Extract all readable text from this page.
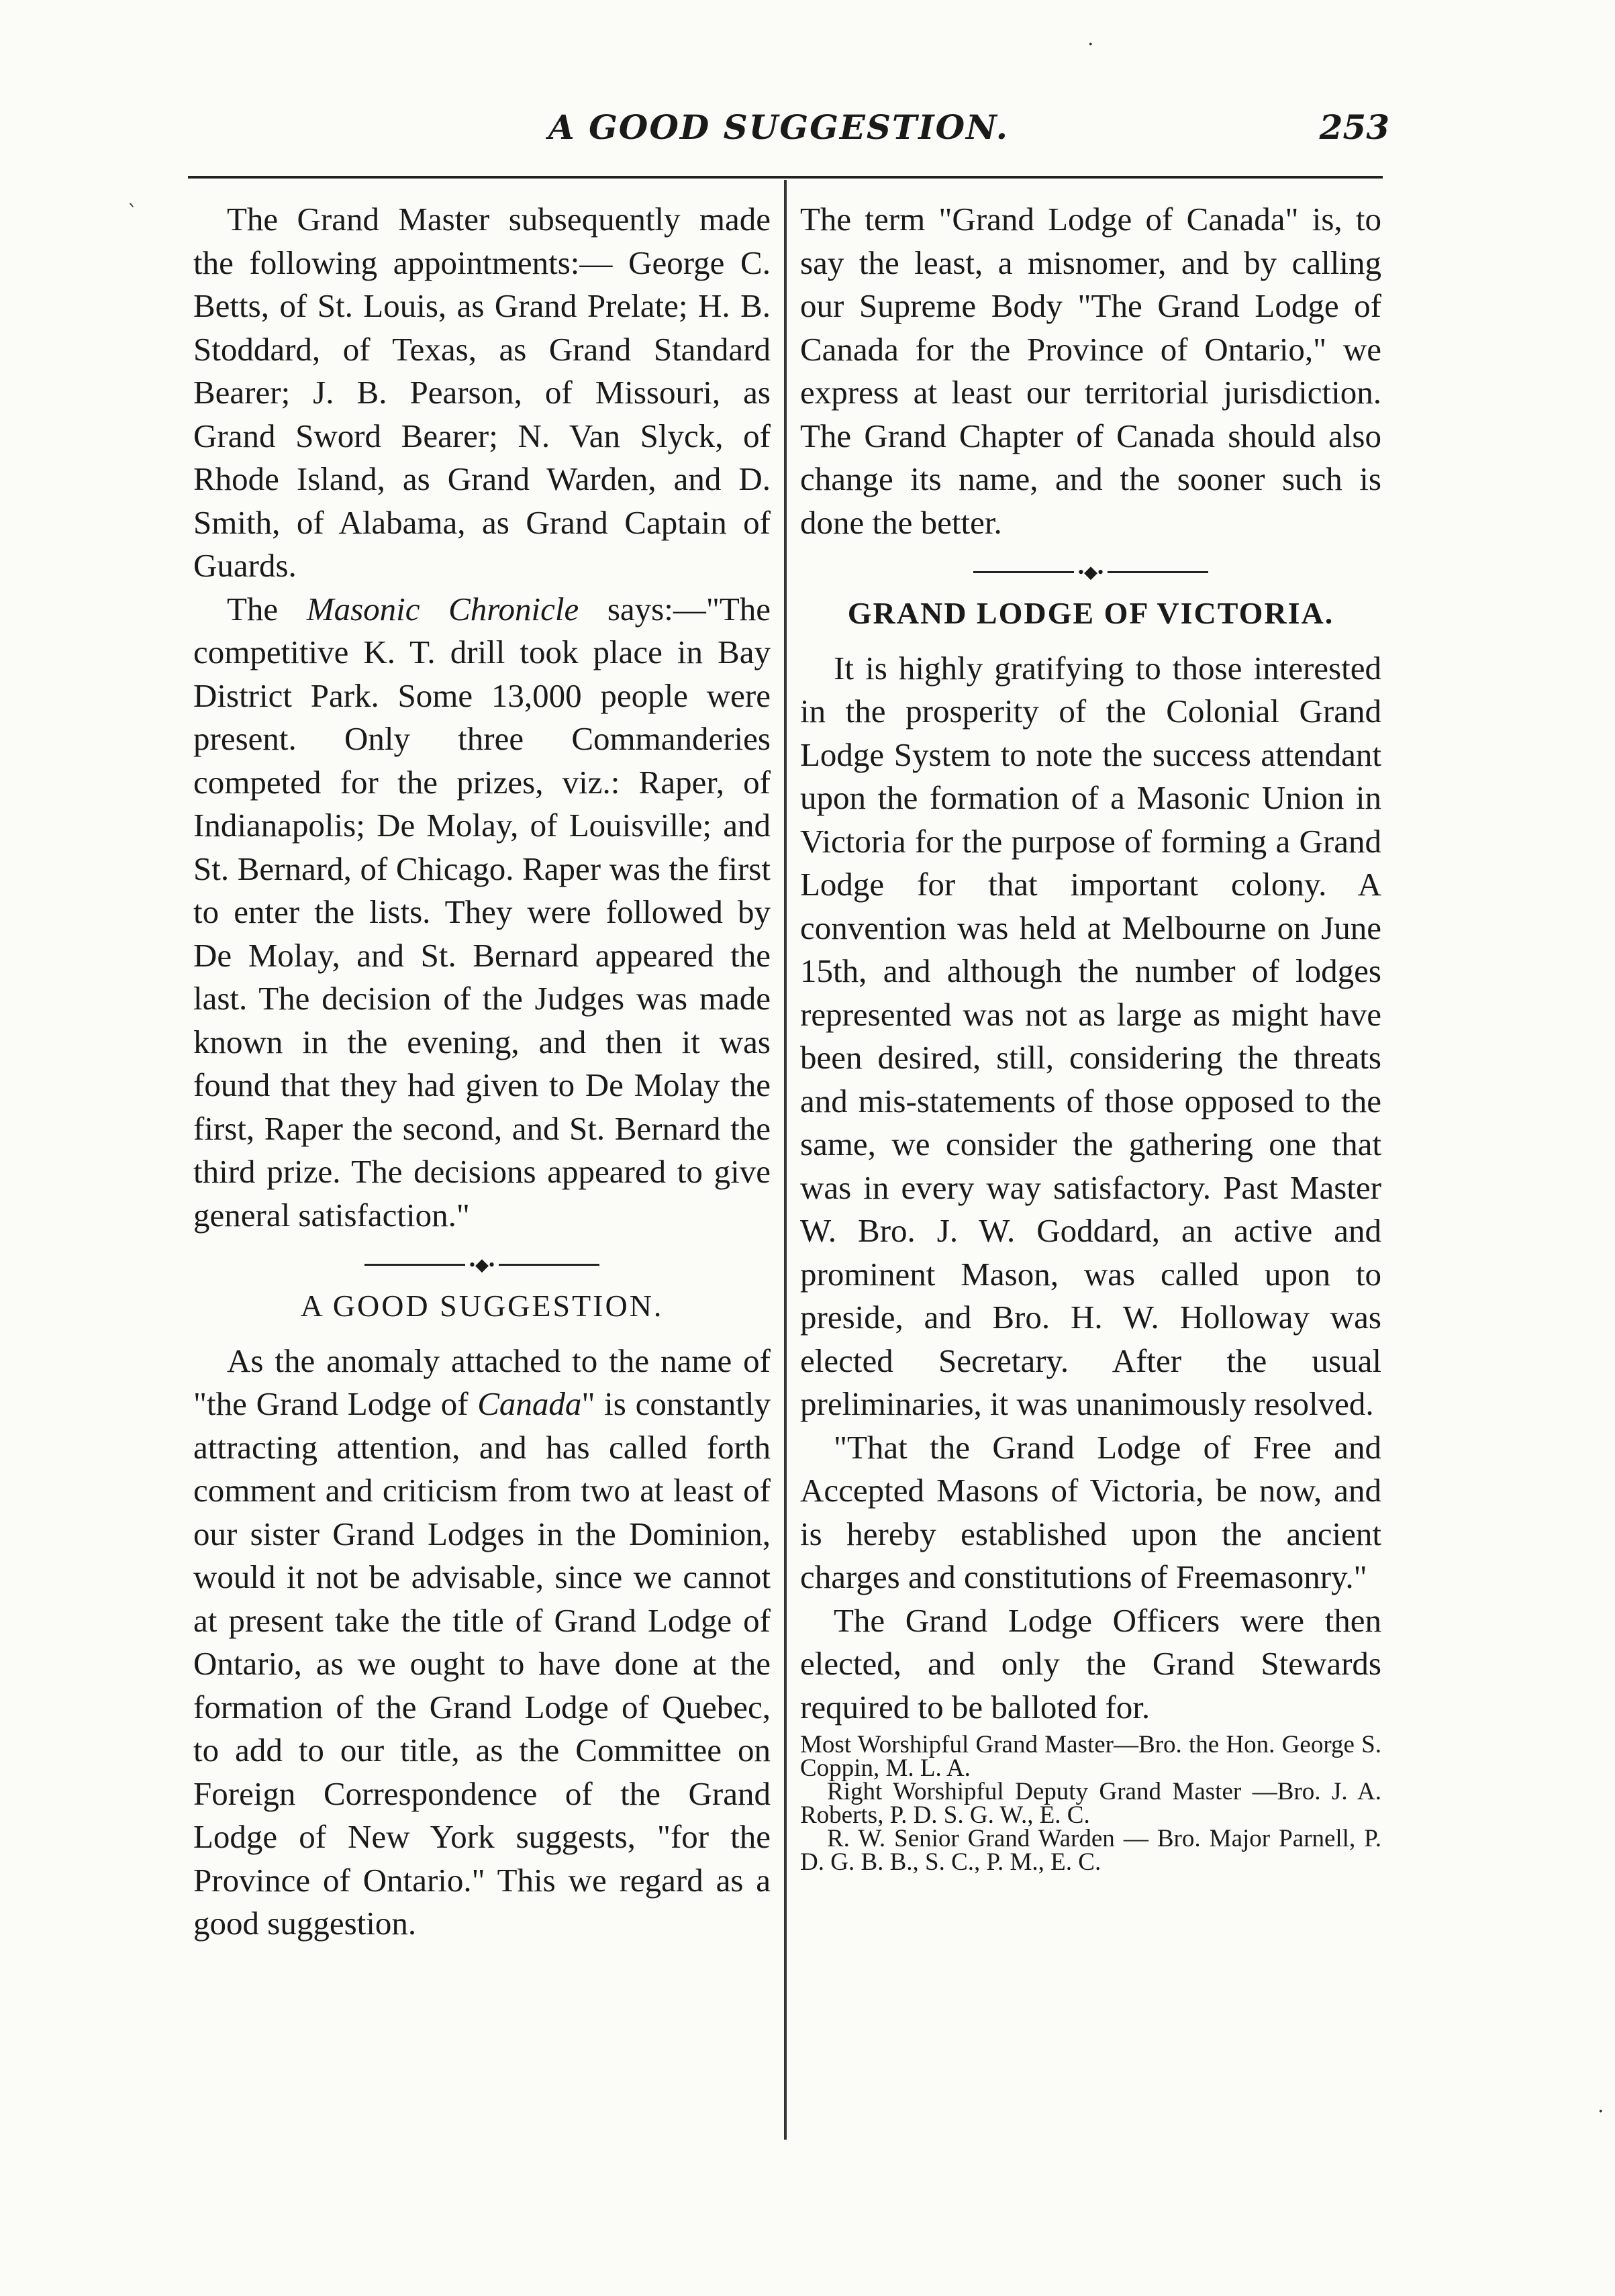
A GOOD SUGGESTION.	253

The Grand Master subsequently made the following appointments:— George C. Betts, of St. Louis, as Grand Prelate; H. B. Stoddard, of Texas, as Grand Standard Bearer; J. B. Pearson, of Missouri, as Grand Sword Bearer; N. Van Slyck, of Rhode Island, as Grand Warden, and D. Smith, of Alabama, as Grand Captain of Guards.

The Masonic Chronicle says:—"The competitive K. T. drill took place in Bay District Park. Some 13,000 people were present. Only three Commanderies competed for the prizes, viz.: Raper, of Indianapolis; De Molay, of Louisville; and St. Bernard, of Chicago. Raper was the first to enter the lists. They were followed by De Molay, and St. Bernard appeared the last. The decision of the Judges was made known in the evening, and then it was found that they had given to De Molay the first, Raper the second, and St. Bernard the third prize. The decisions appeared to give general satisfaction."

•◆•
A GOOD SUGGESTION.

As the anomaly attached to the name of "the Grand Lodge of Canada" is constantly attracting attention, and has called forth comment and criticism from two at least of our sister Grand Lodges in the Dominion, would it not be advisable, since we cannot at present take the title of Grand Lodge of Ontario, as we ought to have done at the formation of the Grand Lodge of Quebec, to add to our title, as the Committee on Foreign Correspondence of the Grand Lodge of New York suggests, "for the Province of Ontario." This we regard as a good suggestion.

The term "Grand Lodge of Canada" is, to say the least, a misnomer, and by calling our Supreme Body "The Grand Lodge of Canada for the Province of Ontario," we express at least our territorial jurisdiction. The Grand Chapter of Canada should also change its name, and the sooner such is done the better.

•◆•
GRAND LODGE OF VICTORIA.

It is highly gratifying to those interested in the prosperity of the Colonial Grand Lodge System to note the success attendant upon the formation of a Masonic Union in Victoria for the purpose of forming a Grand Lodge for that important colony. A convention was held at Melbourne on June 15th, and although the number of lodges represented was not as large as might have been desired, still, considering the threats and mis-statements of those opposed to the same, we consider the gathering one that was in every way satisfactory. Past Master W. Bro. J. W. Goddard, an active and prominent Mason, was called upon to preside, and Bro. H. W. Holloway was elected Secretary. After the usual preliminaries, it was unanimously resolved.

"That the Grand Lodge of Free and Accepted Masons of Victoria, be now, and is hereby established upon the ancient charges and constitutions of Freemasonry."

The Grand Lodge Officers were then elected, and only the Grand Stewards required to be balloted for.

Most Worshipful Grand Master—Bro. the Hon. George S. Coppin, M. L. A.

Right Worshipful Deputy Grand Master —Bro. J. A. Roberts, P. D. S. G. W., E. C.

R. W. Senior Grand Warden — Bro. Major Parnell, P. D. G. B. B., S. C., P. M., E. C.

`
.
.
